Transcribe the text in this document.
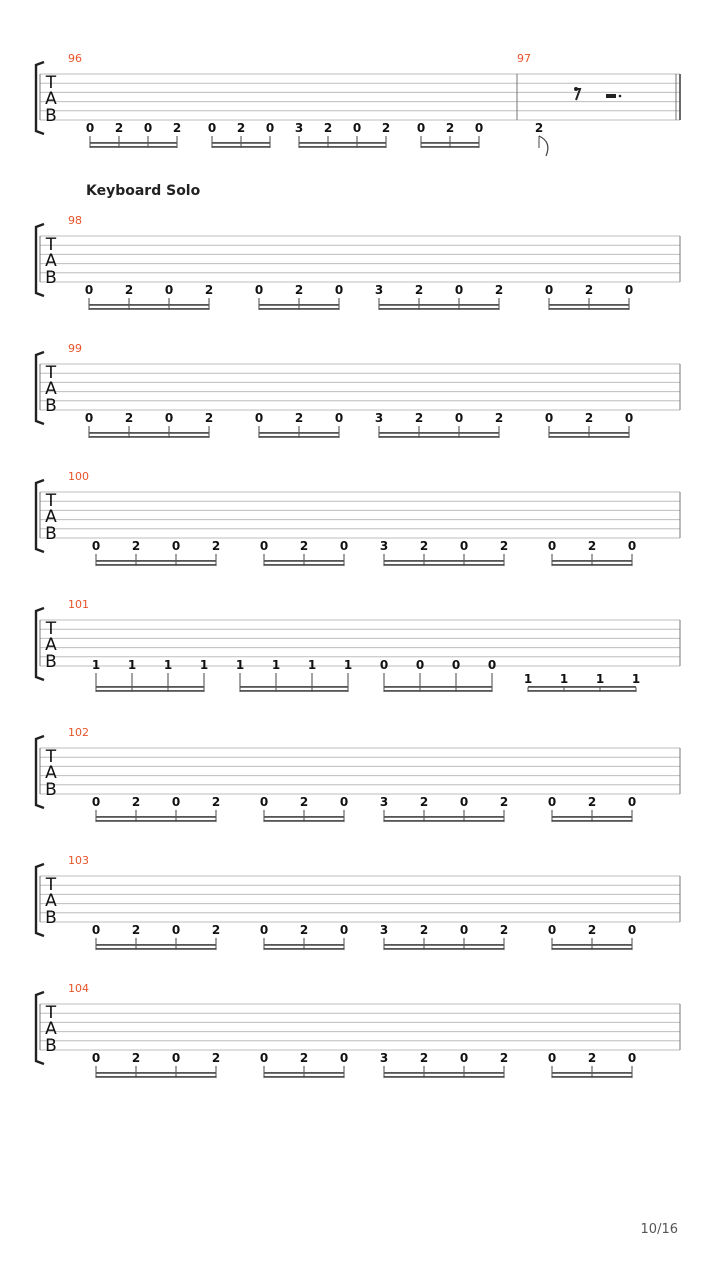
T
A
B
96
0 2 0 2 0 2 0 3 2 0 2 0 2 0
97
2
T
A
B
98
Keyboard Solo
0	2	0	2	0	2	0	3	2	0	2	0	2	0
T
A
B
99
0	2	0	2	0	2	0	3	2	0	2	0	2	0
T
A
B
100
0	2	0	2	0	2	0	3	2	0	2	0	2	0
T
A
B
101
1 1 1 1 1 1 1 1 0 0 0 0
1 1 1 1
T
A
B
102
0	2	0	2	0	2	0	3	2	0	2	0	2	0
T
A
B
103
0	2	0	2	0	2	0	3	2	0	2	0	2	0
T
A
B
104
0	2	0	2	0	2	0	3	2	0	2	0	2	0
10/16
